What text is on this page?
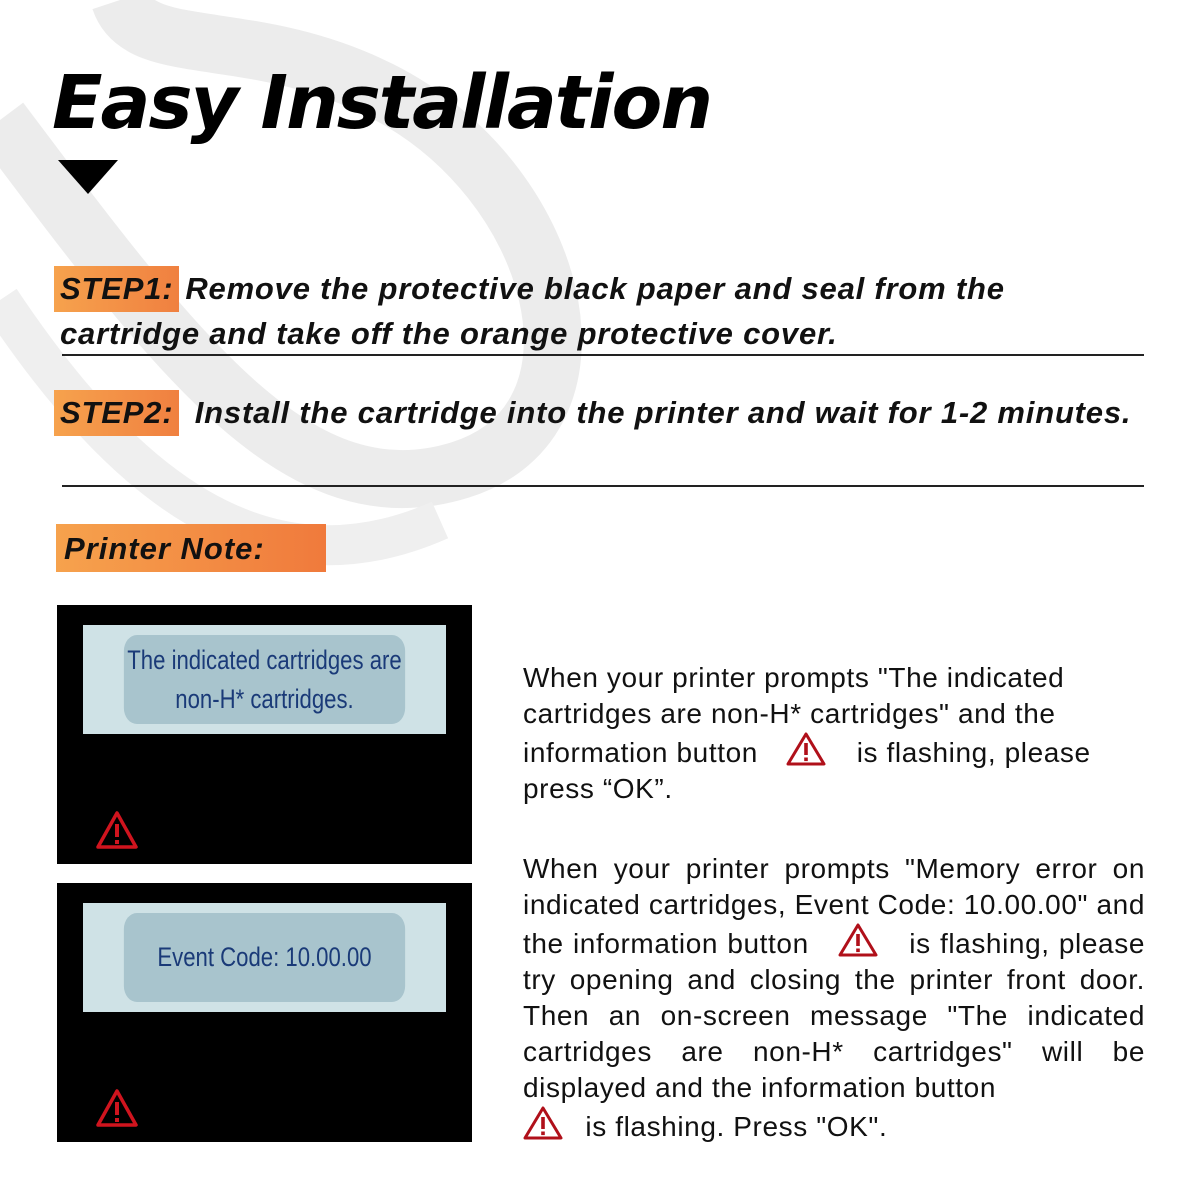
Easy Installation
STEP1: Remove the protective black paper and seal from the cartridge and take off the orange protective cover.
STEP2: Install the cartridge into the printer and wait for 1-2 minutes.
Printer Note:
The indicated cartridges are
non-H* cartridges.
Event Code: 10.00.00
When your printer prompts "The indicated cartridges are non-H* cartridges" and the information button	is flashing, please press “OK”.
When your printer prompts "Memory error on indicated cartridges, Event Code: 10.00.00" and the information button	is flashing, please try opening and closing the printer front door. Then an on-screen message "The indicated cartridges are non-H* cartridges" will be displayed and the information button

is flashing. Press "OK".
